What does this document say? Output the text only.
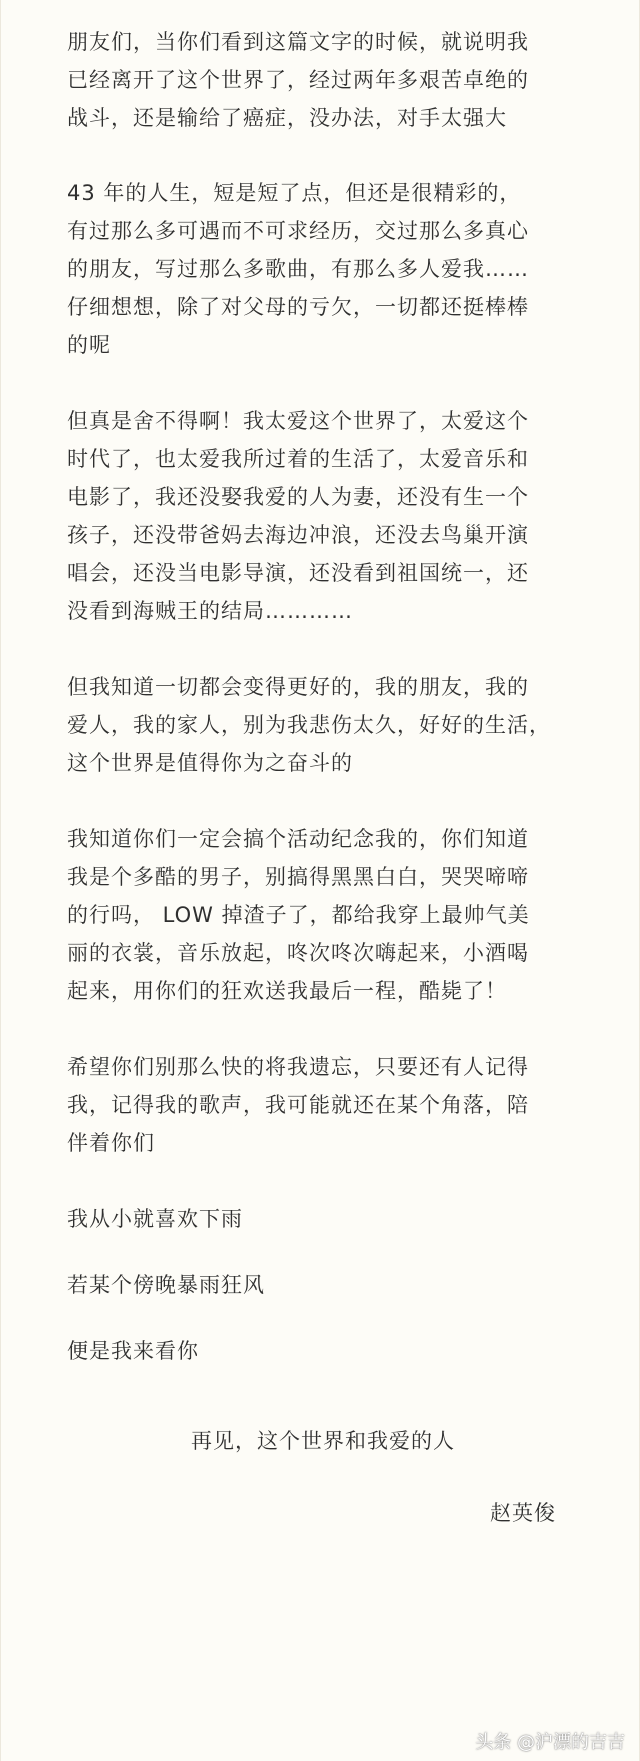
朋友们，当你们看到这篇文字的时候，就说明我
已经离开了这个世界了，经过两年多艰苦卓绝的
战斗，还是输给了癌症，没办法，对手太强大
43 年的人生，短是短了点，但还是很精彩的，
有过那么多可遇而不可求经历，交过那么多真心
的朋友，写过那么多歌曲，有那么多人爱我……
仔细想想，除了对父母的亏欠，一切都还挺棒棒
的呢
但真是舍不得啊！我太爱这个世界了，太爱这个
时代了，也太爱我所过着的生活了，太爱音乐和
电影了，我还没娶我爱的人为妻，还没有生一个
孩子，还没带爸妈去海边冲浪，还没去鸟巢开演
唱会，还没当电影导演，还没看到祖国统一，还
没看到海贼王的结局…………
但我知道一切都会变得更好的，我的朋友，我的
爱人，我的家人，别为我悲伤太久，好好的生活，
这个世界是值得你为之奋斗的
我知道你们一定会搞个活动纪念我的，你们知道
我是个多酷的男子，别搞得黑黑白白，哭哭啼啼
的行吗， LOW 掉渣子了，都给我穿上最帅气美
丽的衣裳，音乐放起，咚次咚次嗨起来，小酒喝
起来，用你们的狂欢送我最后一程，酷毙了！
希望你们别那么快的将我遗忘，只要还有人记得
我，记得我的歌声，我可能就还在某个角落，陪
伴着你们
我从小就喜欢下雨
若某个傍晚暴雨狂风
便是我来看你
再见，这个世界和我爱的人
赵英俊
头条 @沪漂的吉吉
